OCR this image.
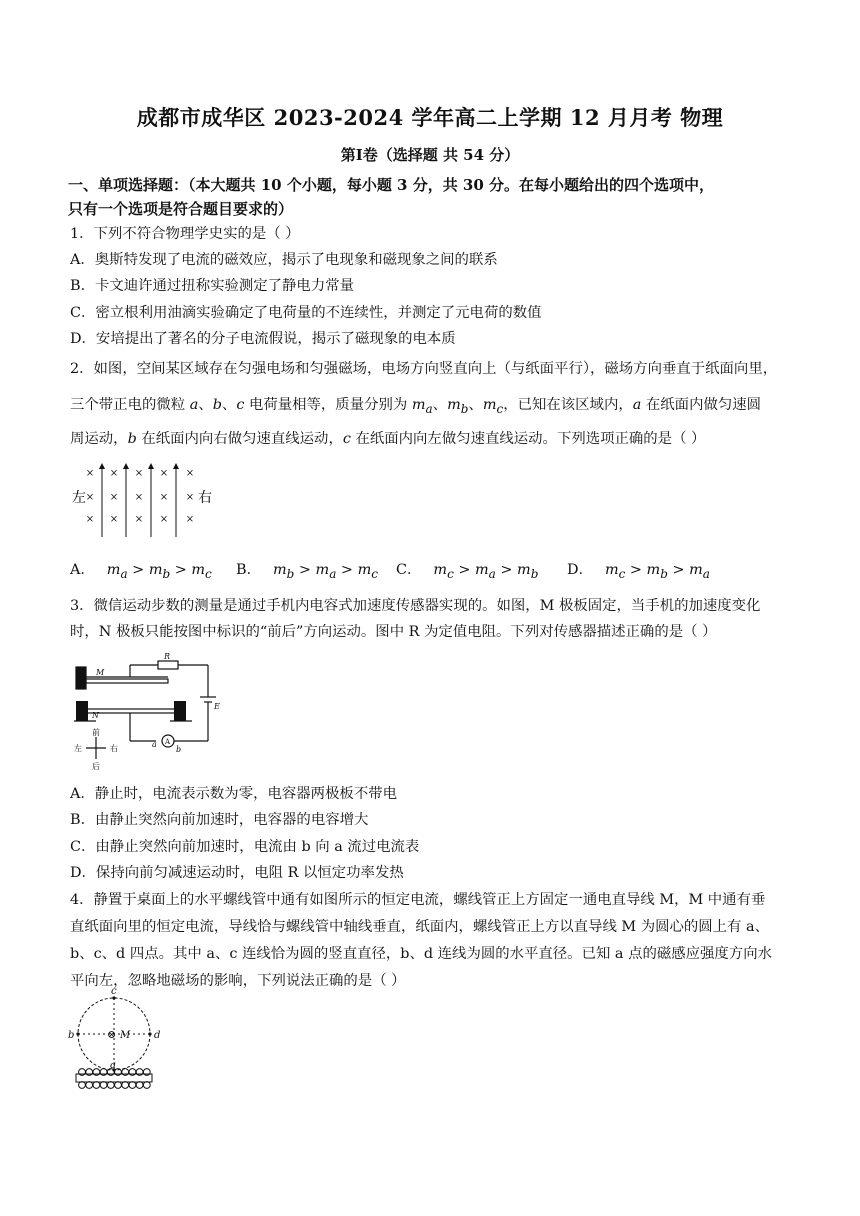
成都市成华区 2023-2024 学年高二上学期 12 月月考 物理
第Ⅰ卷（选择题 共 54 分）
一、单项选择题：（本大题共 10 个小题，每小题 3 分，共 30 分。在每小题给出的四个选项中，
只有一个选项是符合题目要求的）
1．下列不符合物理学史实的是（ ）
A．奥斯特发现了电流的磁效应，揭示了电现象和磁现象之间的联系
B．卡文迪许通过扭称实验测定了静电力常量
C．密立根利用油滴实验确定了电荷量的不连续性，并测定了元电荷的数值
D．安培提出了著名的分子电流假说，揭示了磁现象的电本质
2．如图，空间某区域存在匀强电场和匀强磁场，电场方向竖直向上（与纸面平行），磁场方向垂直于纸面向里，
三个带正电的微粒 a、b、c 电荷量相等，质量分别为 $m_a$、$m_b$、$m_c$，已知在该区域内，a 在纸面内做匀速圆
周运动，b 在纸面内向右做匀速直线运动，c 在纸面内向左做匀速直线运动。下列选项正确的是（ ）
× × × × ×
× × × × ×
× × × × ×
左	右
A． $m_a > m_b > m_c$ B． $m_b > m_a > m_c$ C． $m_c > m_a > m_b$ D． $m_c > m_b > m_a$
3．微信运动步数的测量是通过手机内电容式加速度传感器实现的。如图，M 极板固定，当手机的加速度变化
时，N 极板只能按图中标识的“前后”方向运动。图中 R 为定值电阻。下列对传感器描述正确的是（ ）
M
R
N
E
a
b
A
前
后
左	右
A．静止时，电流表示数为零，电容器两极板不带电
B．由静止突然向前加速时，电容器的电容增大
C．由静止突然向前加速时，电流由 b 向 a 流过电流表
D．保持向前匀减速运动时，电阻 R 以恒定功率发热
4．静置于桌面上的水平螺线管中通有如图所示的恒定电流，螺线管正上方固定一通电直导线 M，M 中通有垂
直纸面向里的恒定电流，导线恰与螺线管中轴线垂直，纸面内，螺线管正上方以直导线 M 为圆心的圆上有 a、
b、c、d 四点。其中 a、c 连线恰为圆的竖直直径，b、d 连线为圆的水平直径。已知 a 点的磁感应强度方向水
平向左，忽略地磁场的影响，下列说法正确的是（ ）
c
a
b	d
M
⊗
